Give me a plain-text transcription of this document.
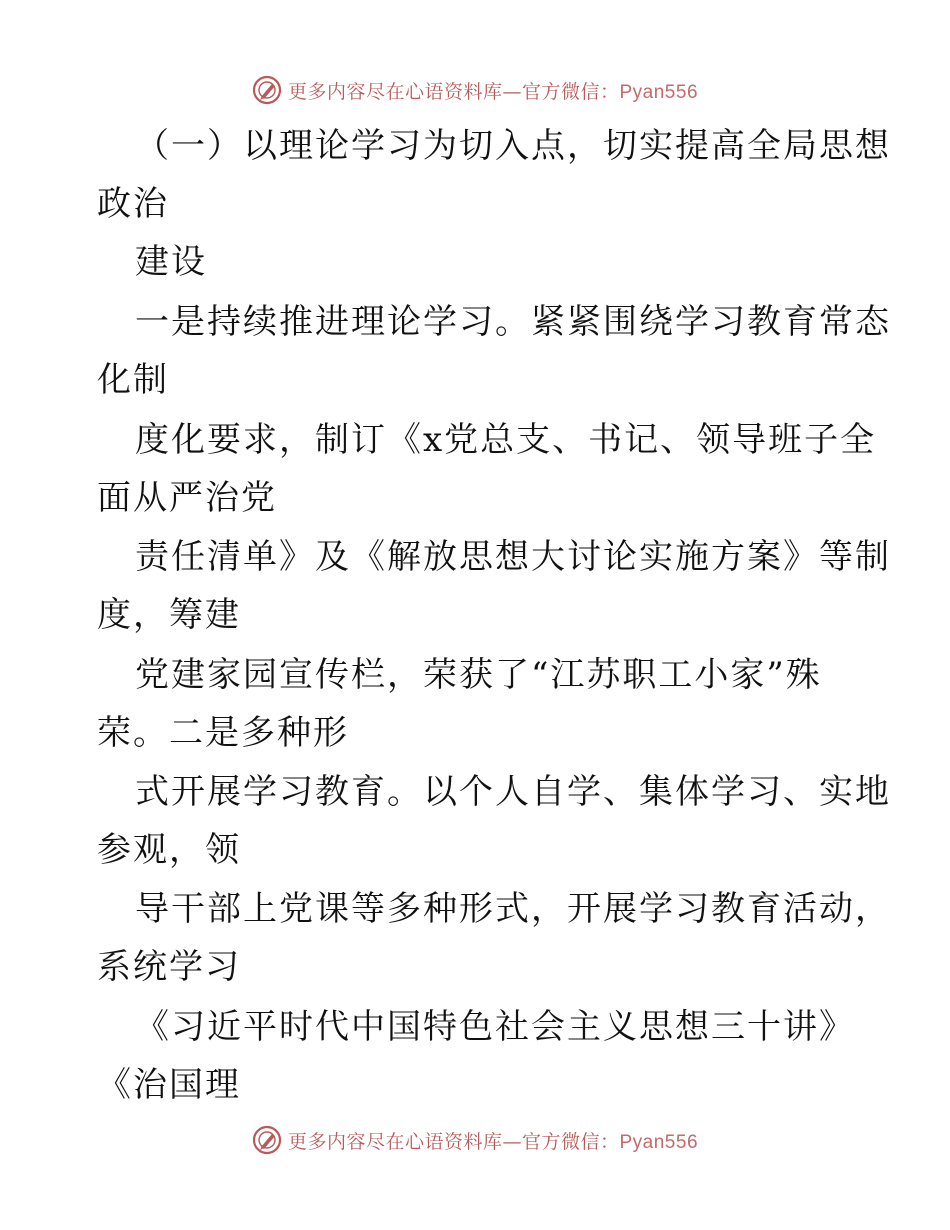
更多内容尽在心语资料库—官方微信：Pyan556
（一）以理论学习为切入点，切实提高全局思想
政治
建设
一是持续推进理论学习。紧紧围绕学习教育常态
化制
度化要求，制订《x党总支、书记、领导班子全
面从严治党
责任清单》及《解放思想大讨论实施方案》等制
度，筹建
党建家园宣传栏，荣获了“江苏职工小家”殊
荣。二是多种形
式开展学习教育。以个人自学、集体学习、实地
参观，领
导干部上党课等多种形式，开展学习教育活动，
系统学习
《习近平时代中国特色社会主义思想三十讲》
《治国理
更多内容尽在心语资料库—官方微信：Pyan556
